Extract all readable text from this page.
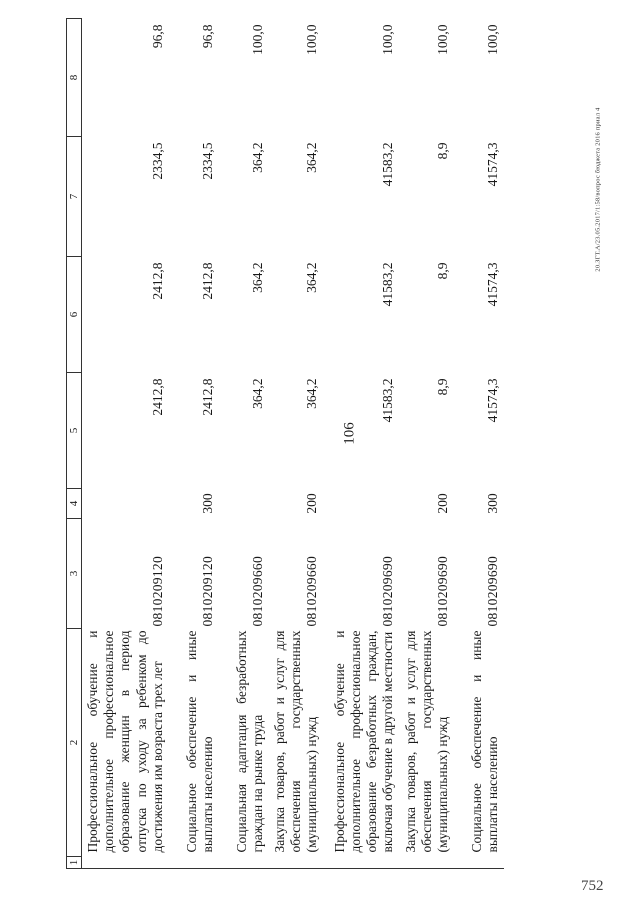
106
20.ЗГТ.А/23.05.2017/1:58/вопрос бюджета 2016 приал 4
752
1	2	3	4	5	6	7	8
	Профессиональное обучение и дополнительное профессиональное образование женщин в период отпуска по уходу за ребенком до достижения им возраста трех лет	0810209120		2412,8	2412,8	2334,5	96,8
	Социальное обеспечение и иные выплаты населению	0810209120	300	2412,8	2412,8	2334,5	96,8
	Социальная адаптация безработных граждан на рынке труда	0810209660		364,2	364,2	364,2	100,0
	Закупка товаров, работ и услуг для обеспечения государственных (муниципальных) нужд	0810209660	200	364,2	364,2	364,2	100,0
	Профессиональное обучение и дополнительное профессиональное образование безработных граждан, включая обучение в другой местности	0810209690		41583,2	41583,2	41583,2	100,0
	Закупка товаров, работ и услуг для обеспечения государственных (муниципальных) нужд	0810209690	200	8,9	8,9	8,9	100,0
	Социальное обеспечение и иные выплаты населению	0810209690	300	41574,3	41574,3	41574,3	100,0
